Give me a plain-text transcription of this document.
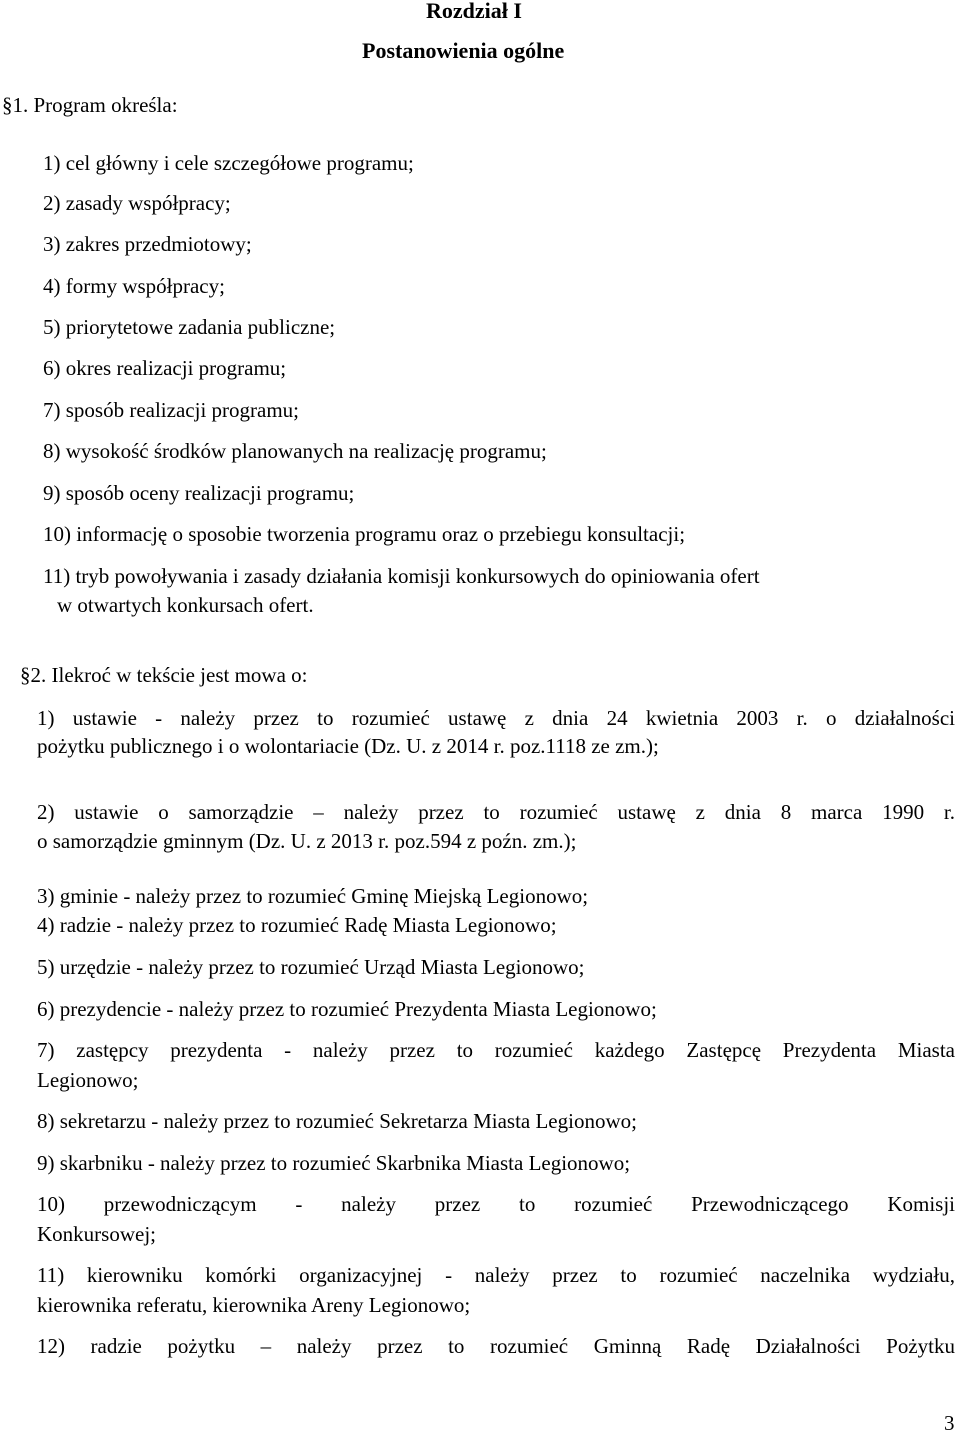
Rozdział I
Postanowienia ogólne
§1. Program określa:
1) cel główny i cele szczegółowe programu;
2) zasady współpracy;
3) zakres przedmiotowy;
4) formy współpracy;
5) priorytetowe zadania publiczne;
6) okres realizacji programu;
7) sposób realizacji programu;
8) wysokość środków planowanych na realizację programu;
9) sposób oceny realizacji programu;
10) informację o sposobie tworzenia programu oraz o przebiegu konsultacji;
11) tryb powoływania i zasady działania komisji konkursowych do opiniowania ofert
w otwartych konkursach ofert.
§2. Ilekroć w tekście jest mowa o:
1) ustawie - należy przez to rozumieć ustawę z dnia 24 kwietnia 2003 r. o działalności
pożytku publicznego i o wolontariacie (Dz. U. z 2014 r. poz.1118 ze zm.);
2) ustawie o samorządzie – należy przez to rozumieć ustawę z dnia 8 marca 1990 r.
o samorządzie gminnym (Dz. U. z 2013 r. poz.594 z poźn. zm.);
3) gminie - należy przez to rozumieć Gminę Miejską Legionowo;
4) radzie - należy przez to rozumieć Radę Miasta Legionowo;
5) urzędzie - należy przez to rozumieć Urząd Miasta Legionowo;
6) prezydencie - należy przez to rozumieć Prezydenta Miasta Legionowo;
7) zastępcy prezydenta - należy przez to rozumieć każdego Zastępcę Prezydenta Miasta
Legionowo;
8) sekretarzu - należy przez to rozumieć Sekretarza Miasta Legionowo;
9) skarbniku - należy przez to rozumieć Skarbnika Miasta Legionowo;
10) przewodniczącym - należy przez to rozumieć Przewodniczącego Komisji
Konkursowej;
11) kierowniku komórki organizacyjnej - należy przez to rozumieć naczelnika wydziału,
kierownika referatu, kierownika Areny Legionowo;
12) radzie pożytku – należy przez to rozumieć Gminną Radę Działalności Pożytku
3
